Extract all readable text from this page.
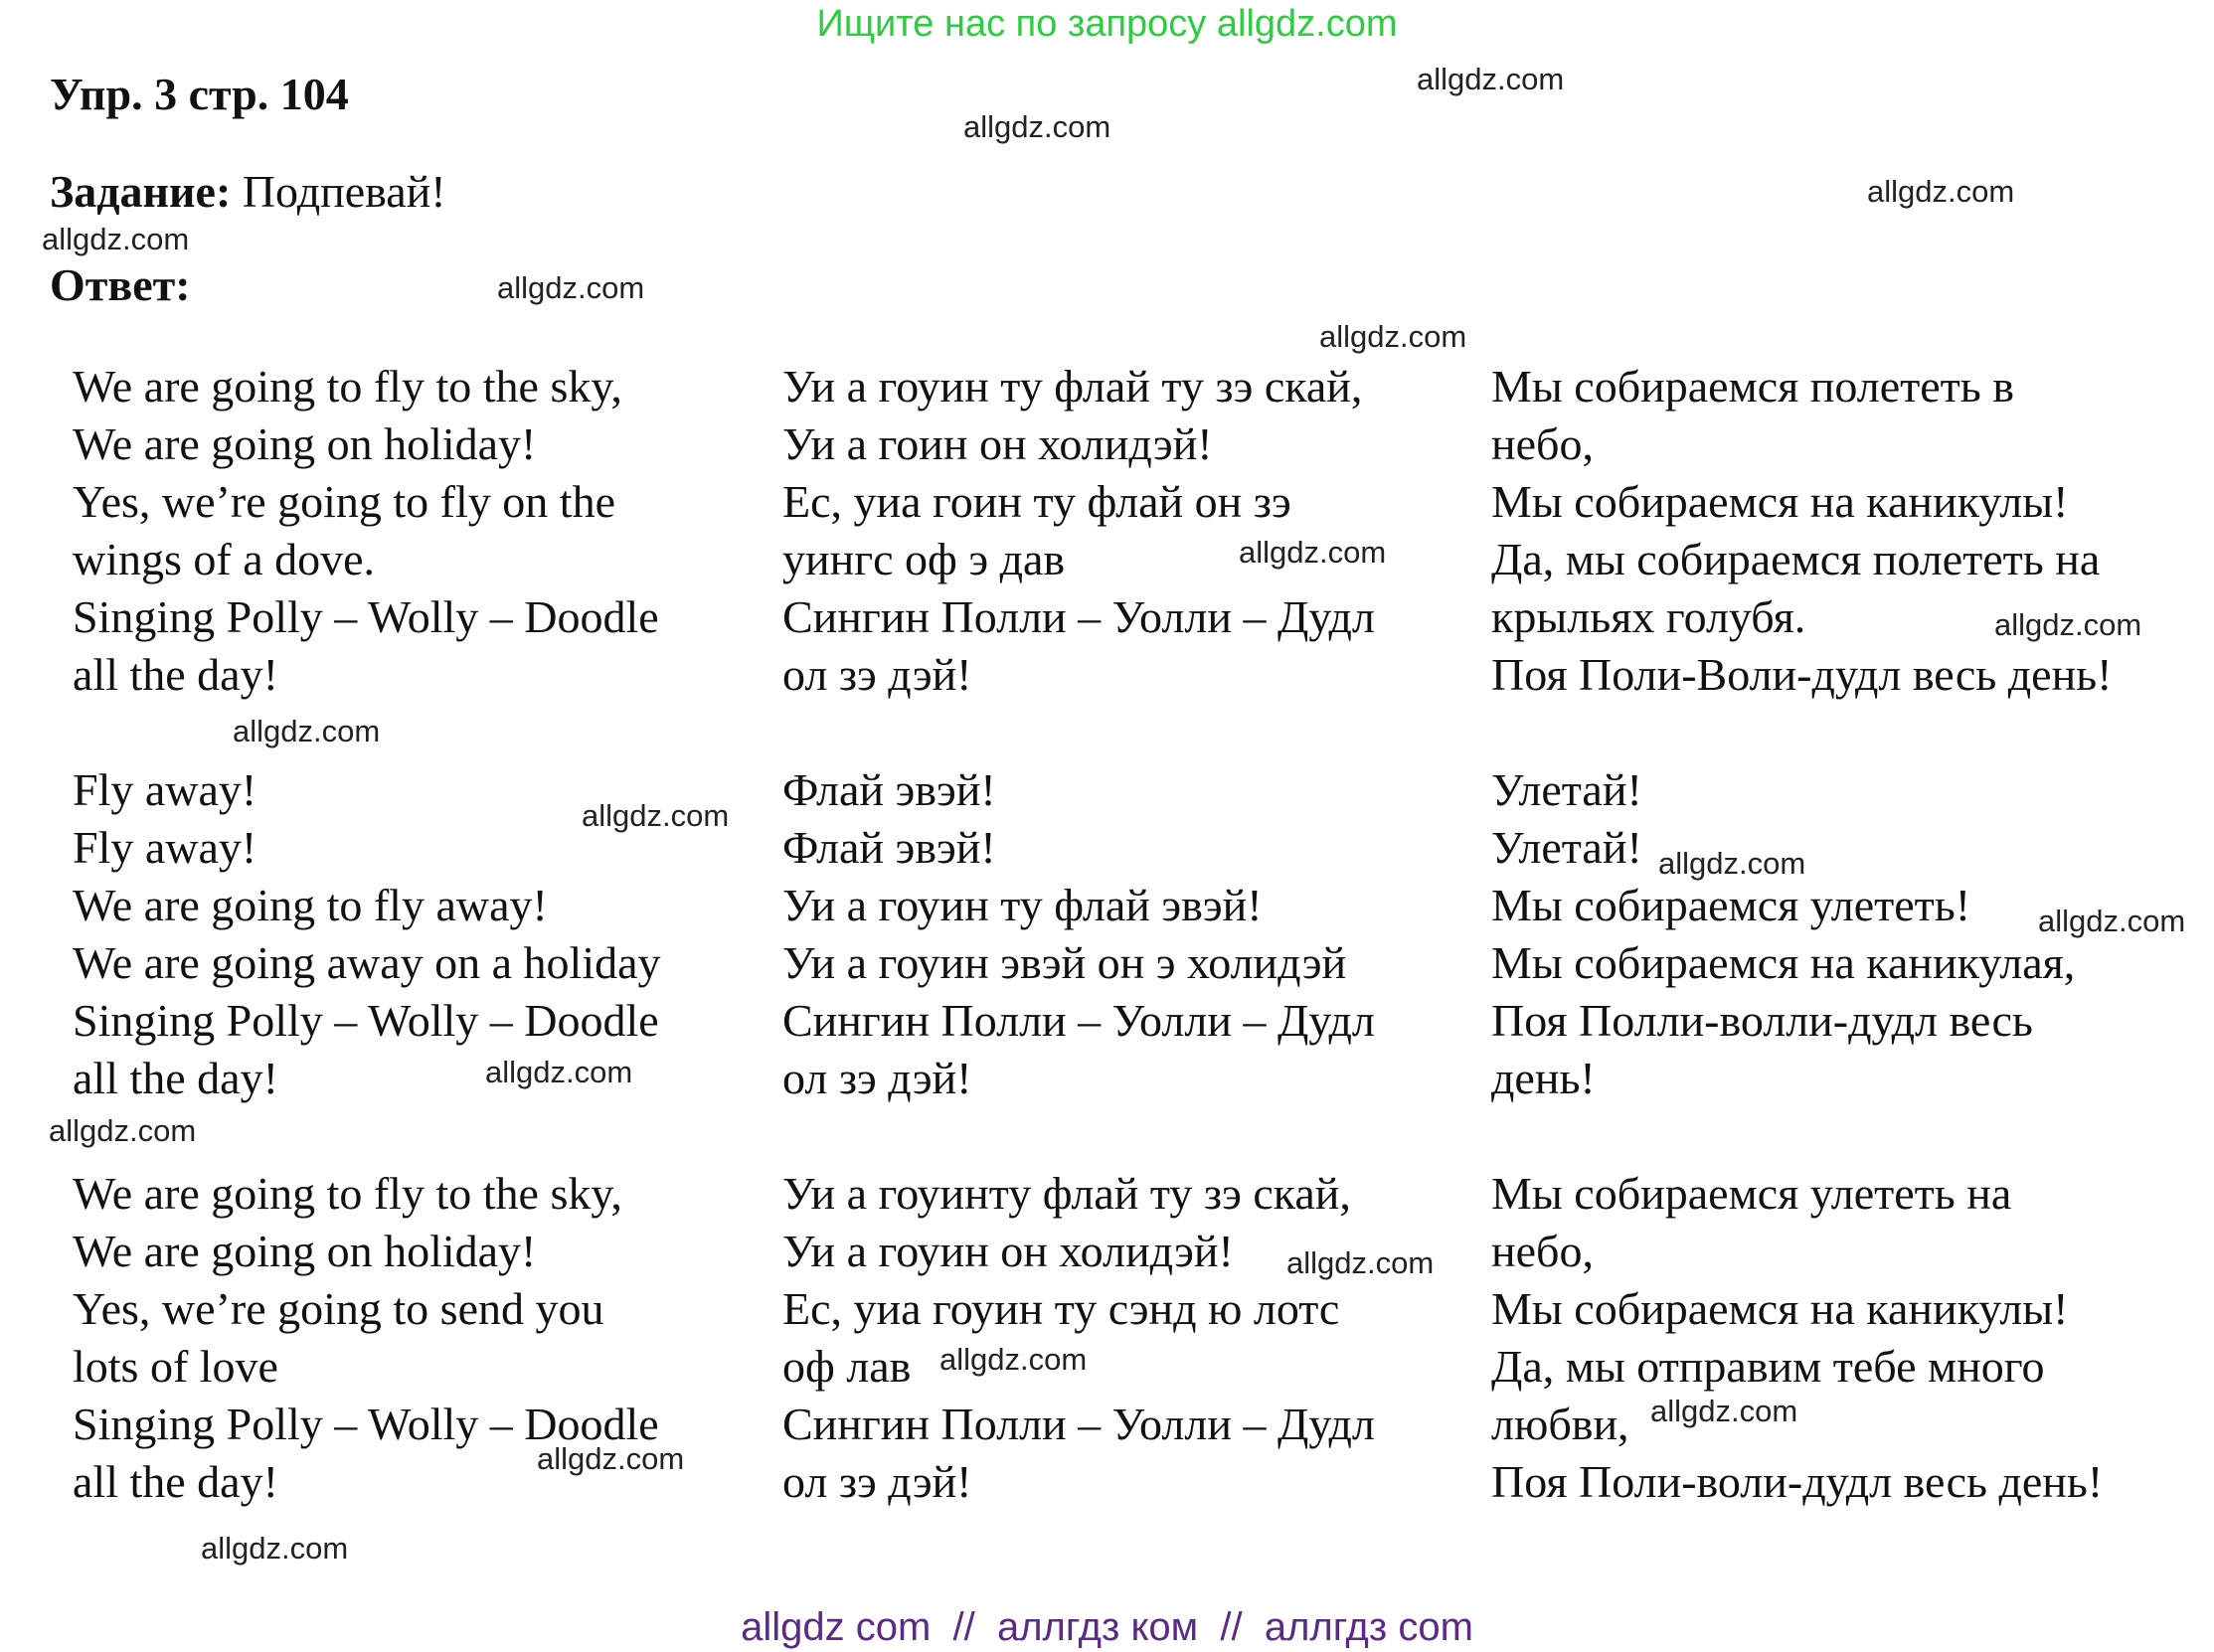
Ищите нас по запросу allgdz.com
Упр. 3 стр. 104
Задание: Подпевай!
Ответ:
We are going to fly to the sky,
We are going on holiday!
Yes, we’re going to fly on the
wings of a dove.
Singing Polly – Wolly – Doodle
all the day!
Fly away!
Fly away!
We are going to fly away!
We are going away on a holiday
Singing Polly – Wolly – Doodle
all the day!
We are going to fly to the sky,
We are going on holiday!
Yes, we’re going to send you
lots of love
Singing Polly – Wolly – Doodle
all the day!
Уи а гоуин ту флай ту зэ скай,
Уи а гоин он холидэй!
Ес, уиа гоин ту флай он зэ
уингс оф э дав
Сингин Полли – Уолли – Дудл
ол зэ дэй!
Флай эвэй!
Флай эвэй!
Уи а гоуин ту флай эвэй!
Уи а гоуин эвэй он э холидэй
Сингин Полли – Уолли – Дудл
ол зэ дэй!
Уи а гоуинту флай ту зэ скай,
Уи а гоуин он холидэй!
Ес, уиа гоуин ту сэнд ю лотс
оф лав
Сингин Полли – Уолли – Дудл
ол зэ дэй!
Мы собираемся полететь в
небо,
Мы собираемся на каникулы!
Да, мы собираемся полететь на
крыльях голубя.
Поя Поли-Воли-дудл весь день!
Улетай!
Улетай!
Мы собираемся улететь!
Мы собираемся на каникулая,
Поя Полли-волли-дудл весь
день!
Мы собираемся улететь на
небо,
Мы собираемся на каникулы!
Да, мы отправим тебе много
любви,
Поя Поли-воли-дудл весь день!
allgdz.com
allgdz.com
allgdz.com
allgdz.com
allgdz.com
allgdz.com
allgdz.com
allgdz.com
allgdz.com
allgdz.com
allgdz.com
allgdz.com
allgdz.com
allgdz.com
allgdz.com
allgdz.com
allgdz.com
allgdz.com
allgdz.com
allgdz com  //  аллгдз ком  //  аллгдз com
